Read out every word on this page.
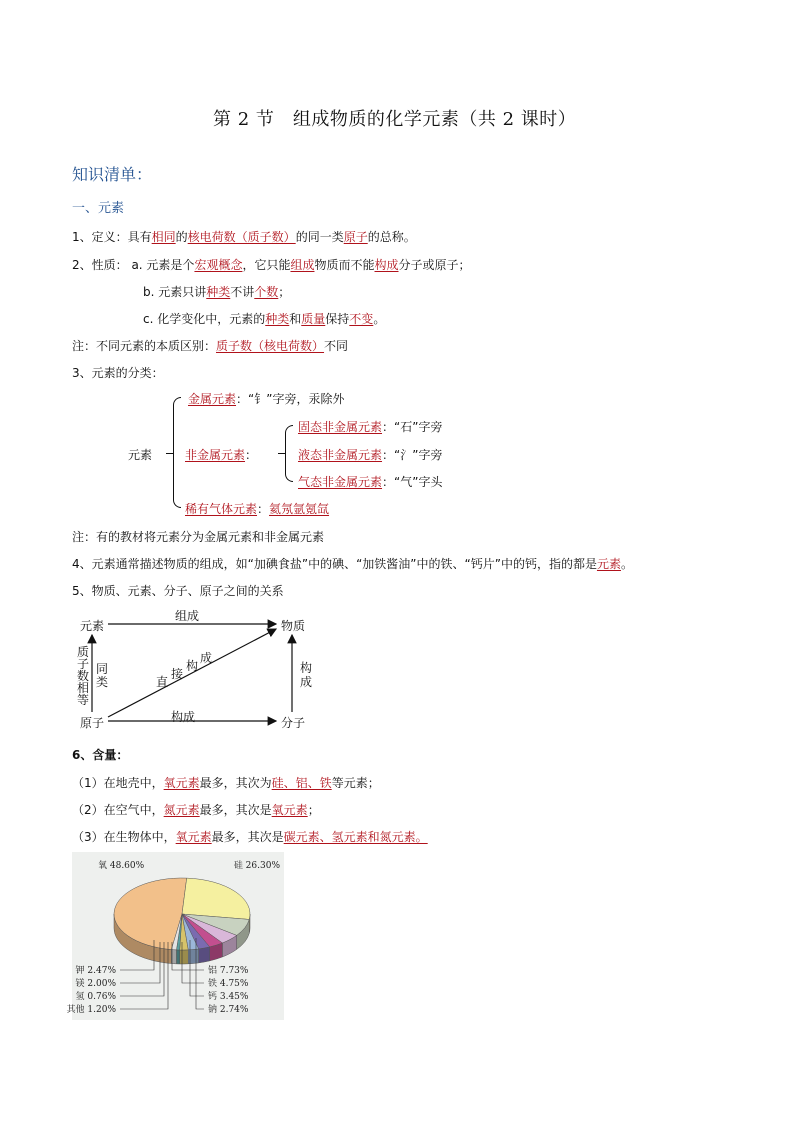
第 2 节　组成物质的化学元素（共 2 课时）
知识清单：
一、元素
1、定义：具有相同的核电荷数（质子数）的同一类原子的总称。
2、性质： a. 元素是个宏观概念，它只能组成物质而不能构成分子或原子；
b. 元素只讲种类不讲个数；
c. 化学变化中，元素的种类和质量保持不变。
注：不同元素的本质区别：质子数（核电荷数）不同
3、元素的分类：
元素
金属元素：“钅”字旁，汞除外
非金属元素：
固态非金属元素：“石”字旁
液态非金属元素：“氵”字旁
气态非金属元素：“气”字头
稀有气体元素：氦氖氩氪氙
注：有的教材将元素分为金属元素和非金属元素
4、元素通常描述物质的组成，如“加碘食盐”中的碘、“加铁酱油”中的铁、“钙片”中的钙，指的都是元素。
5、物质、元素、分子、原子之间的关系
元素	物质
原子	分子
组成
构成
构
成
直
接
构
成
质
子
数
相
等
同
类
6、含量：
（1）在地壳中，氧元素最多，其次为硅、铝、铁等元素；
（2）在空气中，氮元素最多，其次是氧元素；
（3）在生物体中，氧元素最多，其次是碳元素、氢元素和氮元素。
氧 48.60%	硅 26.30%
铝 7.73%
铁 4.75%
钙 3.45%
钠 2.74%
钾 2.47%
镁 2.00%
氢 0.76%
其他 1.20%
